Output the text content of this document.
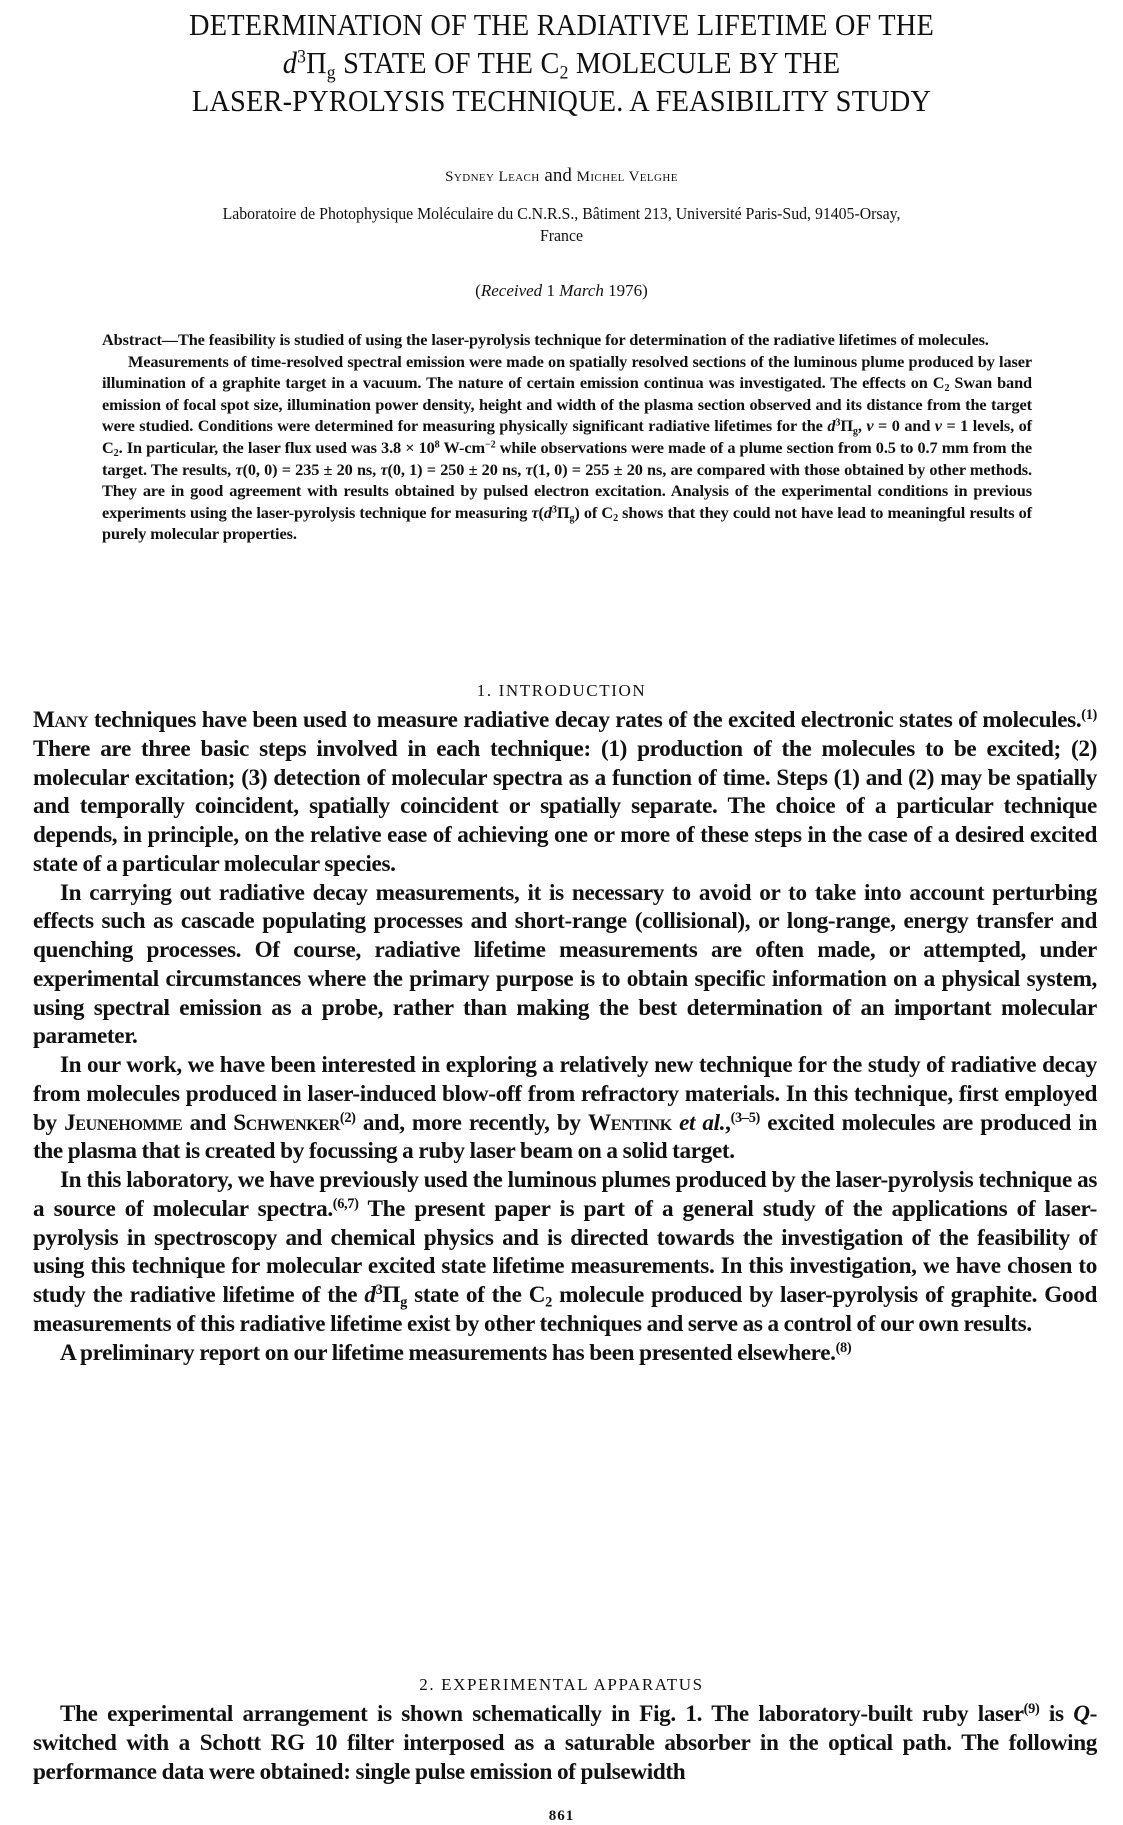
DETERMINATION OF THE RADIATIVE LIFETIME OF THE
$d^3\Pi_g$ STATE OF THE $C_2$ MOLECULE BY THE
LASER-PYROLYSIS TECHNIQUE. A FEASIBILITY STUDY
Sydney Leach and Michel Velghe
Laboratoire de Photophysique Moléculaire du C.N.R.S., Bâtiment 213, Université Paris-Sud, 91405-Orsay,
France
(Received 1 March 1976)

Abstract—The feasibility is studied of using the laser-pyrolysis technique for determination of the radiative lifetimes of molecules.

Measurements of time-resolved spectral emission were made on spatially resolved sections of the luminous plume produced by laser illumination of a graphite target in a vacuum. The nature of certain emission continua was investigated. The effects on $C_2$ Swan band emission of focal spot size, illumination power density, height and width of the plasma section observed and its distance from the target were studied. Conditions were determined for measuring physically significant radiative lifetimes for the $d^3\Pi_g$, v = 0 and v = 1 levels, of $C_2$. In particular, the laser flux used was $3.8 \times 10^8$ $W-cm^{-2}$ while observations were made of a plume section from 0.5 to 0.7 mm from the target. The results, τ(0, 0) = 235 ± 20 ns, τ(0, 1) = 250 ± 20 ns, τ(1, 0) = 255 ± 20 ns, are compared with those obtained by other methods. They are in good agreement with results obtained by pulsed electron excitation. Analysis of the experimental conditions in previous experiments using the laser-pyrolysis technique for measuring $\tau(d^3\Pi_g)$ of $C_2$ shows that they could not have lead to meaningful results of purely molecular properties.

1. INTRODUCTION

Many techniques have been used to measure radiative decay rates of the excited electronic states of molecules.$^{(1)}$ There are three basic steps involved in each technique: (1) production of the molecules to be excited; (2) molecular excitation; (3) detection of molecular spectra as a function of time. Steps (1) and (2) may be spatially and temporally coincident, spatially coincident or spatially separate. The choice of a particular technique depends, in principle, on the relative ease of achieving one or more of these steps in the case of a desired excited state of a particular molecular species.

In carrying out radiative decay measurements, it is necessary to avoid or to take into account perturbing effects such as cascade populating processes and short-range (collisional), or long-range, energy transfer and quenching processes. Of course, radiative lifetime measurements are often made, or attempted, under experimental circumstances where the primary purpose is to obtain specific information on a physical system, using spectral emission as a probe, rather than making the best determination of an important molecular parameter.

In our work, we have been interested in exploring a relatively new technique for the study of radiative decay from molecules produced in laser-induced blow-off from refractory materials. In this technique, first employed by Jeunehomme and Schwenker$^{(2)}$ and, more recently, by Wentink et al.,$^{(3-5)}$ excited molecules are produced in the plasma that is created by focussing a ruby laser beam on a solid target.

In this laboratory, we have previously used the luminous plumes produced by the laser-pyrolysis technique as a source of molecular spectra.$^{(6,7)}$ The present paper is part of a general study of the applications of laser-pyrolysis in spectroscopy and chemical physics and is directed towards the investigation of the feasibility of using this technique for molecular excited state lifetime measurements. In this investigation, we have chosen to study the radiative lifetime of the $d^3\Pi_g$ state of the $C_2$ molecule produced by laser-pyrolysis of graphite. Good measurements of this radiative lifetime exist by other techniques and serve as a control of our own results.

A preliminary report on our lifetime measurements has been presented elsewhere.$^{(8)}$

2. EXPERIMENTAL APPARATUS

The experimental arrangement is shown schematically in Fig. 1. The laboratory-built ruby laser$^{(9)}$ is Q-switched with a Schott RG 10 filter interposed as a saturable absorber in the optical path. The following performance data were obtained: single pulse emission of pulsewidth

861
